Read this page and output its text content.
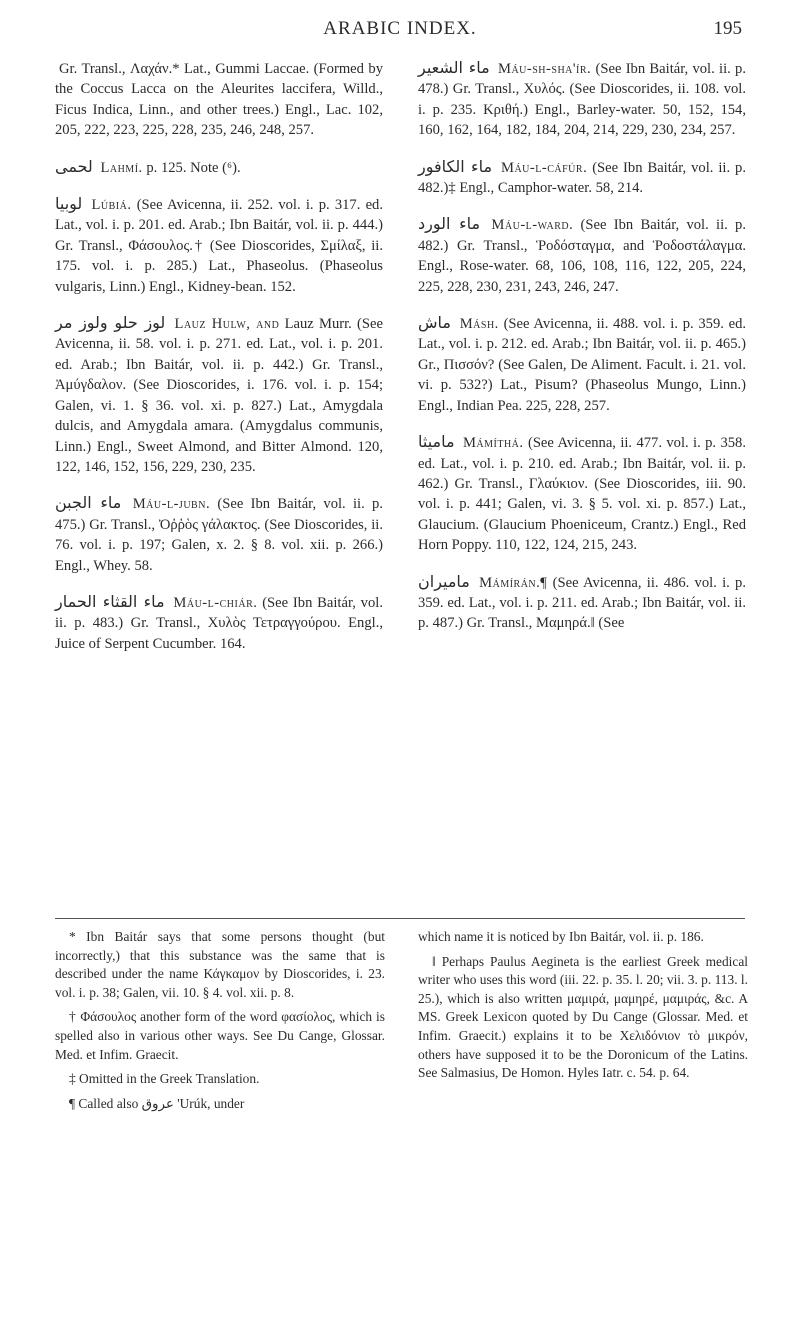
ARABIC INDEX.	195

Gr. Transl., Λαχάν.* Lat., Gummi Laccae. (Formed by the Coccus Lacca on the Aleurites laccifera, Willd., Ficus Indica, Linn., and other trees.) Engl., Lac. 102, 205, 222, 223, 225, 228, 235, 246, 248, 257.

لحمى Lahmí. p. 125. Note (⁶).

لوبيا Lúbiá. (See Avicenna, ii. 252. vol. i. p. 317. ed. Lat., vol. i. p. 201. ed. Arab.; Ibn Baitár, vol. ii. p. 444.) Gr. Transl., Φάσουλος.† (See Dioscorides, Σμίλαξ, ii. 175. vol. i. p. 285.) Lat., Phaseolus. (Phaseolus vulgaris, Linn.) Engl., Kidney-bean. 152.

لوز حلو ولوز مر Lauz Hulw, and Lauz Murr. (See Avicenna, ii. 58. vol. i. p. 271. ed. Lat., vol. i. p. 201. ed. Arab.; Ibn Baitár, vol. ii. p. 442.) Gr. Transl., Ἀμύγδαλον. (See Dioscorides, i. 176. vol. i. p. 154; Galen, vi. 1. § 36. vol. xi. p. 827.) Lat., Amygdala dulcis, and Amygdala amara. (Amygdalus communis, Linn.) Engl., Sweet Almond, and Bitter Almond. 120, 122, 146, 152, 156, 229, 230, 235.

ماء الجبن Máu-l-jubn. (See Ibn Baitár, vol. ii. p. 475.) Gr. Transl., Ὀῤῥὸς γάλακτος. (See Dioscorides, ii. 76. vol. i. p. 197; Galen, x. 2. § 8. vol. xii. p. 266.) Engl., Whey. 58.

ماء القثاء الحمار Máu-l-chiár. (See Ibn Baitár, vol. ii. p. 483.) Gr. Transl., Χυλὸς Τετραγγούρου. Engl., Juice of Serpent Cucumber. 164.

ماء الشعير Máu-sh-sha'ír. (See Ibn Baitár, vol. ii. p. 478.) Gr. Transl., Χυλός. (See Dioscorides, ii. 108. vol. i. p. 235. Κριθή.) Engl., Barley-water. 50, 152, 154, 160, 162, 164, 182, 184, 204, 214, 229, 230, 234, 257.

ماء الكافور Máu-l-cáfúr. (See Ibn Baitár, vol. ii. p. 482.)‡ Engl., Camphor-water. 58, 214.

ماء الورد Máu-l-ward. (See Ibn Baitár, vol. ii. p. 482.) Gr. Transl., Ῥοδόσταγμα, and Ῥοδοστάλαγμα. Engl., Rose-water. 68, 106, 108, 116, 122, 205, 224, 225, 228, 230, 231, 243, 246, 247.

ماش Másh. (See Avicenna, ii. 488. vol. i. p. 359. ed. Lat., vol. i. p. 212. ed. Arab.; Ibn Baitár, vol. ii. p. 465.) Gr., Πισσόν? (See Galen, De Aliment. Facult. i. 21. vol. vi. p. 532?) Lat., Pisum? (Phaseolus Mungo, Linn.) Engl., Indian Pea. 225, 228, 257.

ماميثا Mámíthá. (See Avicenna, ii. 477. vol. i. p. 358. ed. Lat., vol. i. p. 210. ed. Arab.; Ibn Baitár, vol. ii. p. 462.) Gr. Transl., Γλαύκιον. (See Dioscorides, iii. 90. vol. i. p. 441; Galen, vi. 3. § 5. vol. xi. p. 857.) Lat., Glaucium. (Glaucium Phoeniceum, Crantz.) Engl., Red Horn Poppy. 110, 122, 124, 215, 243.

ماميران Mámírán.¶ (See Avicenna, ii. 486. vol. i. p. 359. ed. Lat., vol. i. p. 211. ed. Arab.; Ibn Baitár, vol. ii. p. 487.) Gr. Transl., Μαμηρά.‖ (See

* Ibn Baitár says that some persons thought (but incorrectly,) that this substance was the same that is described under the name Κάγκαμον by Dioscorides, i. 23. vol. i. p. 38; Galen, vii. 10. § 4. vol. xii. p. 8.

† Φάσουλος another form of the word φασίολος, which is spelled also in various other ways. See Du Cange, Glossar. Med. et Infim. Graecit.

‡ Omitted in the Greek Translation.

¶ Called also عروق 'Urúk, under

which name it is noticed by Ibn Baitár, vol. ii. p. 186.

‖ Perhaps Paulus Aegineta is the earliest Greek medical writer who uses this word (iii. 22. p. 35. l. 20; vii. 3. p. 113. l. 25.), which is also written μαμιρά, μαμηρέ, μαμιράς, &c. A MS. Greek Lexicon quoted by Du Cange (Glossar. Med. et Infim. Graecit.) explains it to be Χελιδόνιον τὸ μικρόν, others have supposed it to be the Doronicum of the Latins. See Salmasius, De Homon. Hyles Iatr. c. 54. p. 64.
